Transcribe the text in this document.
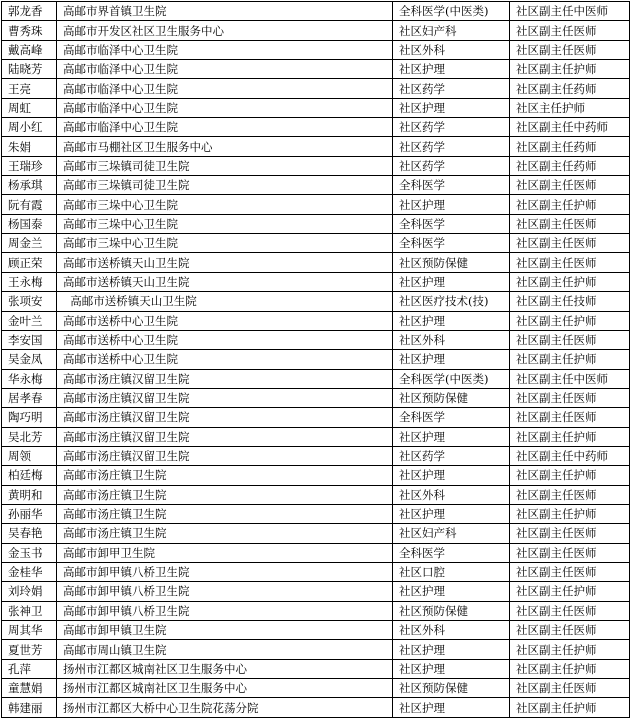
郭龙香	高邮市界首镇卫生院	全科医学(中医类)	社区副主任中医师
曹秀珠	高邮市开发区社区卫生服务中心	社区妇产科	社区副主任医师
戴高峰	高邮市临泽中心卫生院	社区外科	社区副主任医师
陆晓芳	高邮市临泽中心卫生院	社区护理	社区副主任护师
王亮	高邮市临泽中心卫生院	社区药学	社区副主任药师
周虹	高邮市临泽中心卫生院	社区护理	社区主任护师
周小红	高邮市临泽中心卫生院	社区药学	社区副主任中药师
朱娟	高邮市马棚社区卫生服务中心	社区药学	社区副主任药师
王瑞珍	高邮市三垛镇司徒卫生院	社区药学	社区副主任药师
杨承琪	高邮市三垛镇司徒卫生院	全科医学	社区副主任医师
阮有霞	高邮市三垛中心卫生院	社区护理	社区副主任护师
杨国泰	高邮市三垛中心卫生院	全科医学	社区副主任医师
周金兰	高邮市三垛中心卫生院	全科医学	社区副主任医师
顾正荣	高邮市送桥镇天山卫生院	社区预防保健	社区副主任医师
王永梅	高邮市送桥镇天山卫生院	社区护理	社区副主任护师
张项安	高邮市送桥镇天山卫生院	社区医疗技术(技)	社区副主任技师
金叶兰	高邮市送桥中心卫生院	社区护理	社区副主任护师
李安国	高邮市送桥中心卫生院	社区外科	社区副主任医师
吴金凤	高邮市送桥中心卫生院	社区护理	社区副主任护师
华永梅	高邮市汤庄镇汉留卫生院	全科医学(中医类)	社区副主任中医师
居孝春	高邮市汤庄镇汉留卫生院	社区预防保健	社区副主任医师
陶巧明	高邮市汤庄镇汉留卫生院	全科医学	社区副主任医师
吴北芳	高邮市汤庄镇汉留卫生院	社区护理	社区副主任护师
周领	高邮市汤庄镇汉留卫生院	社区药学	社区副主任中药师
柏廷梅	高邮市汤庄镇卫生院	社区护理	社区副主任护师
黄明和	高邮市汤庄镇卫生院	社区外科	社区副主任医师
孙丽华	高邮市汤庄镇卫生院	社区护理	社区副主任护师
吴春艳	高邮市汤庄镇卫生院	社区妇产科	社区副主任医师
金玉书	高邮市卸甲卫生院	全科医学	社区副主任医师
金桂华	高邮市卸甲镇八桥卫生院	社区口腔	社区副主任医师
刘玲娟	高邮市卸甲镇八桥卫生院	社区护理	社区副主任护师
张神卫	高邮市卸甲镇八桥卫生院	社区预防保健	社区副主任医师
周其华	高邮市卸甲镇卫生院	社区外科	社区副主任医师
夏世芳	高邮市周山镇卫生院	社区护理	社区副主任护师
孔萍	扬州市江都区城南社区卫生服务中心	社区护理	社区副主任护师
童慧娟	扬州市江都区城南社区卫生服务中心	社区预防保健	社区副主任医师
韩建丽	扬州市江都区大桥中心卫生院花荡分院	社区护理	社区副主任护师
